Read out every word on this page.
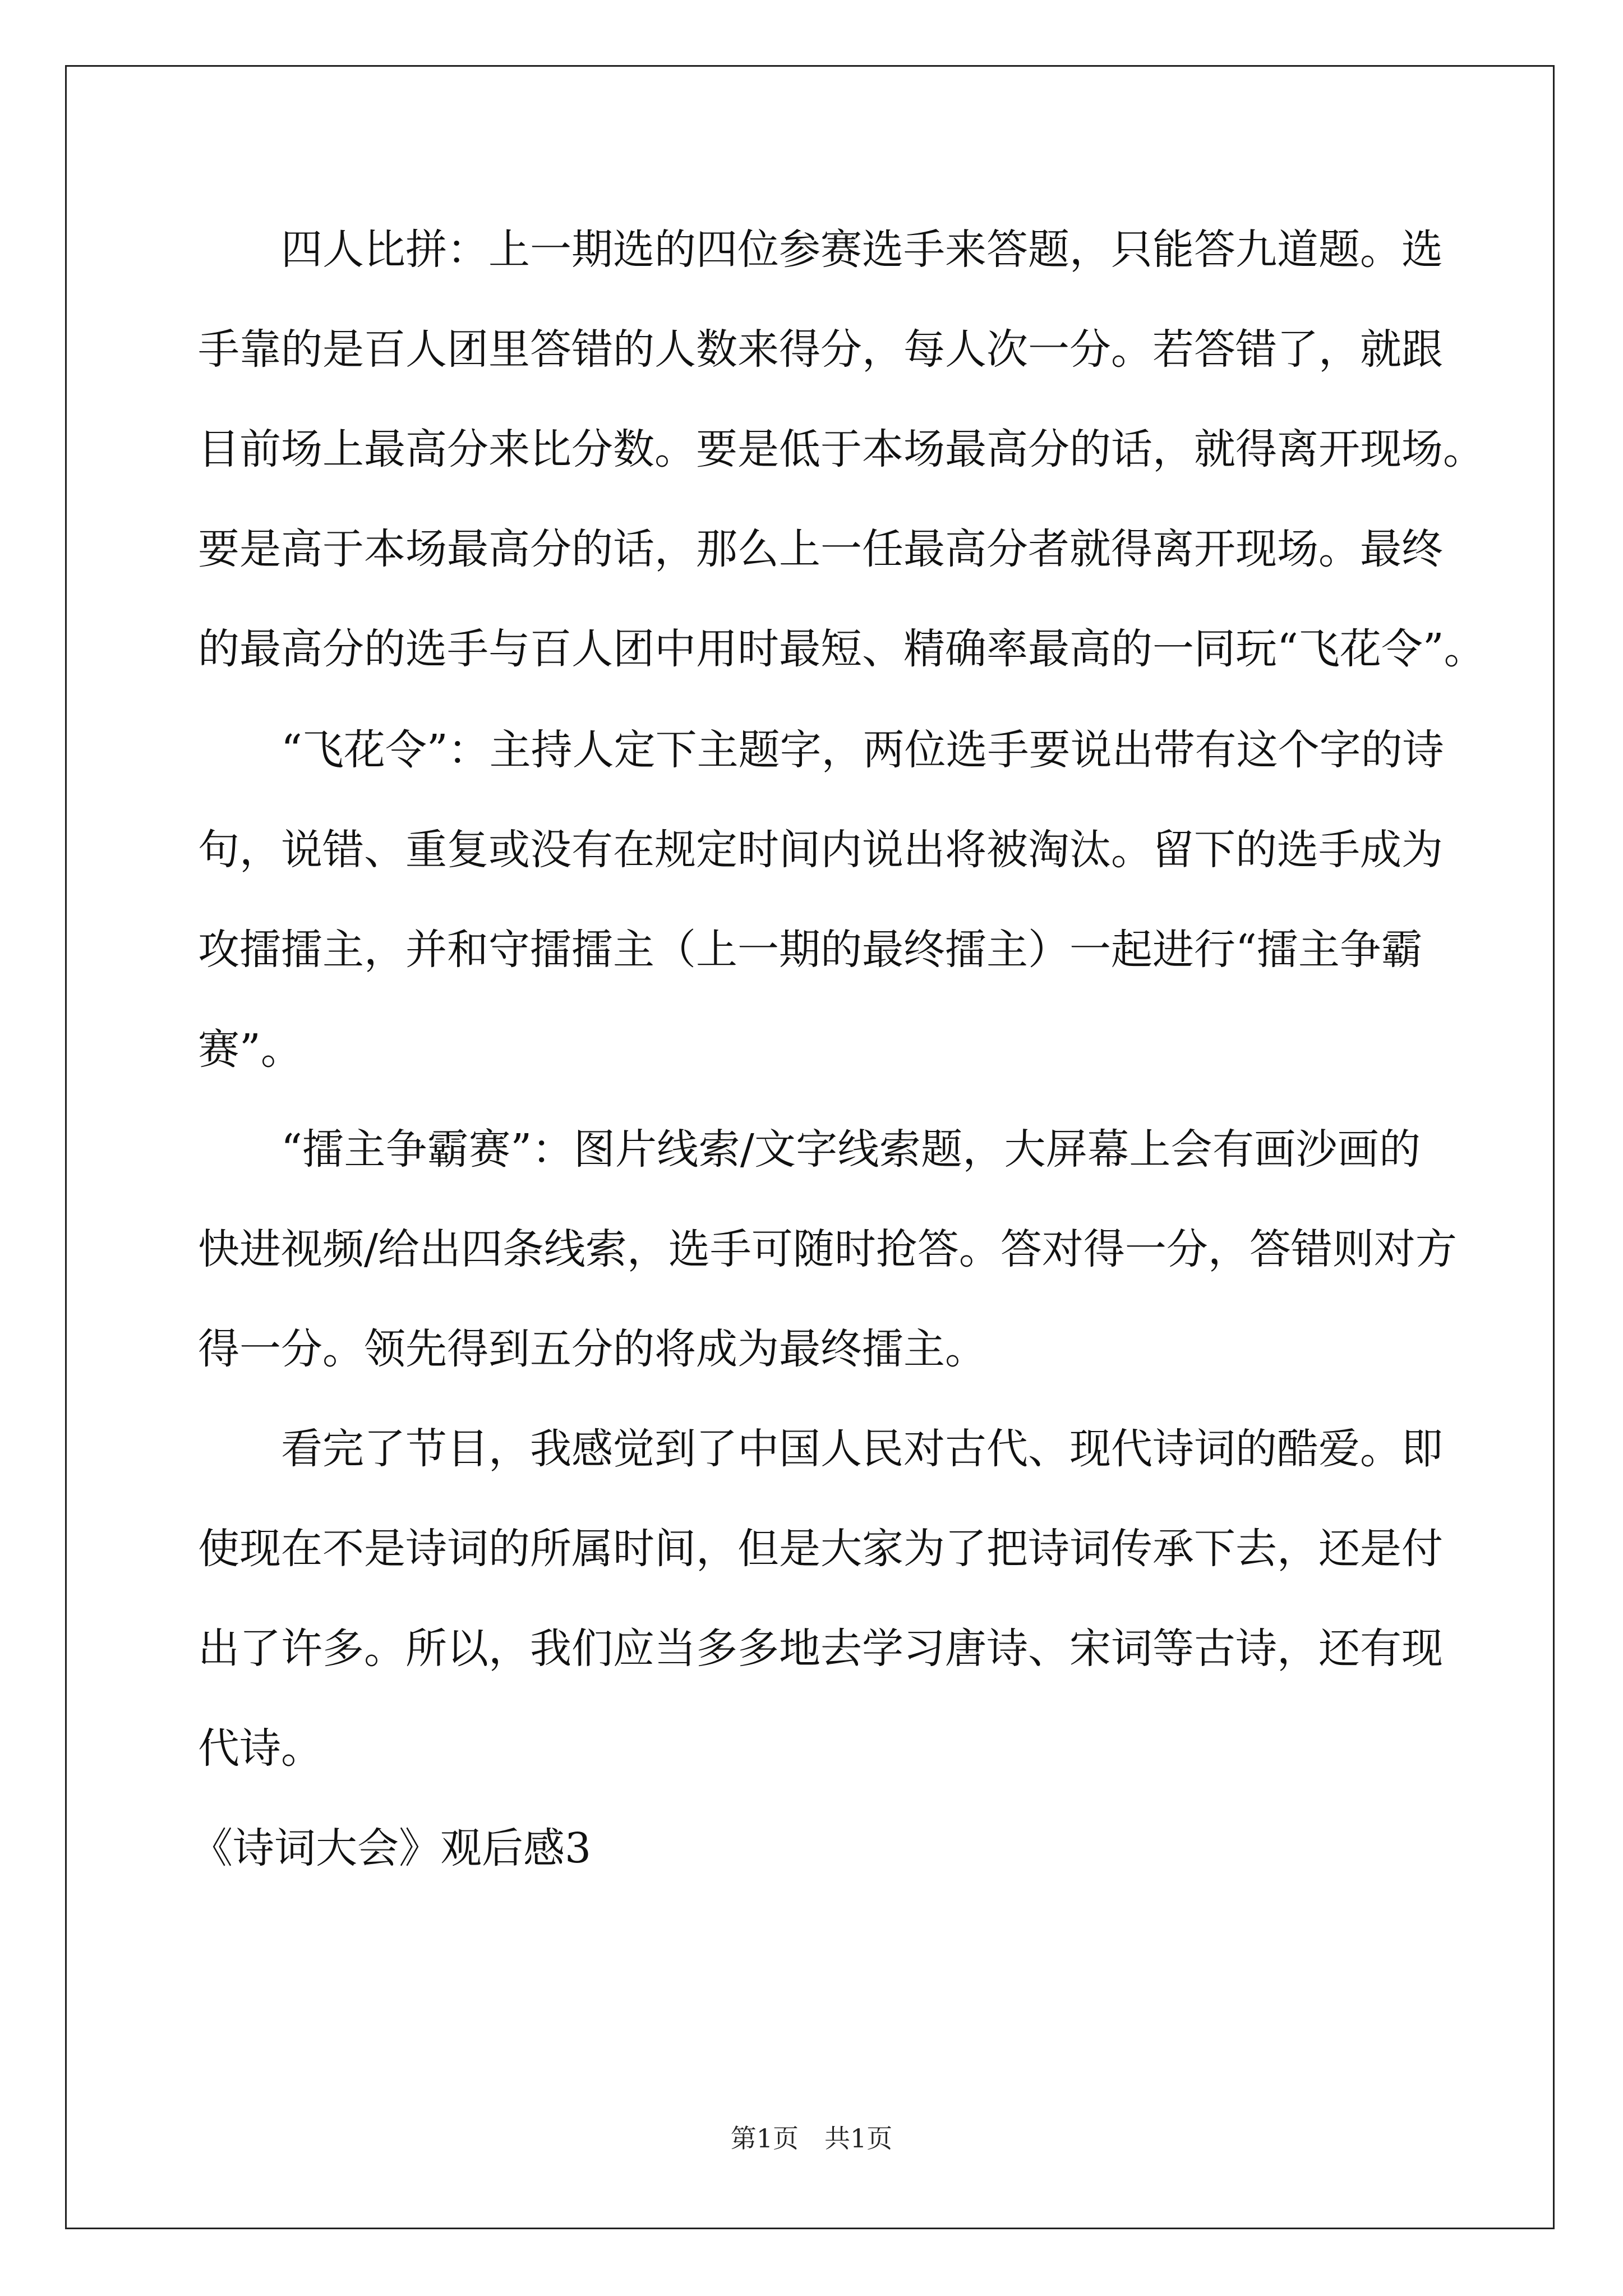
四人比拼：上一期选的四位参赛选手来答题，只能答九道题。选
手靠的是百人团里答错的人数来得分，每人次一分。若答错了，就跟
目前场上最高分来比分数。要是低于本场最高分的话，就得离开现场。
要是高于本场最高分的话，那么上一任最高分者就得离开现场。最终
的最高分的选手与百人团中用时最短、精确率最高的一同玩“飞花令”。
“飞花令”：主持人定下主题字，两位选手要说出带有这个字的诗
句，说错、重复或没有在规定时间内说出将被淘汰。留下的选手成为
攻擂擂主，并和守擂擂主（上一期的最终擂主）一起进行“擂主争霸
赛”。
“擂主争霸赛”：图片线索/文字线索题，大屏幕上会有画沙画的
快进视频/给出四条线索，选手可随时抢答。答对得一分，答错则对方
得一分。领先得到五分的将成为最终擂主。
看完了节目，我感觉到了中国人民对古代、现代诗词的酷爱。即
使现在不是诗词的所属时间，但是大家为了把诗词传承下去，还是付
出了许多。所以，我们应当多多地去学习唐诗、宋词等古诗，还有现
代诗。
《诗词大会》观后感3
第1页　共1页
